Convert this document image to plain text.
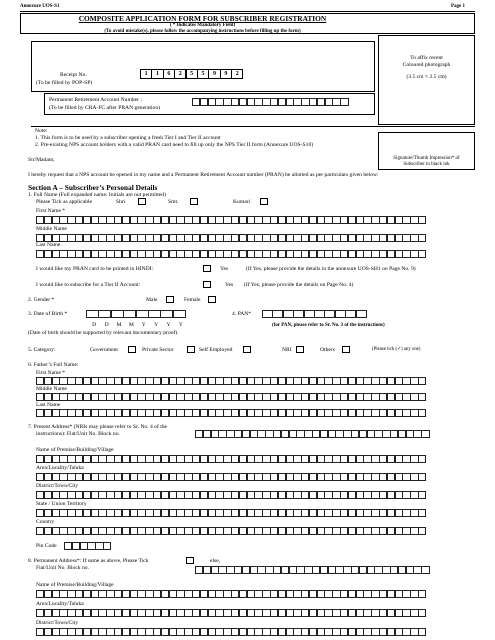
Annexure UOS-S1	Page 1
COMPOSITE APPLICATION FORM FOR SUBSCRIBER REGISTRATION
( * Indicates Mandatory Field)
(To avoid mistake(s), please follow the accompanying instructions before filling up the form)
To affix recent
Coloured photograph
(3.5 cm × 2.5 cm)
Receipt No.
(To be filled by POP-SP)
1	1	6	2	5	5	9	9	2
Permanent Retirement Account Number :
(To be filled by CRA-FC after PRAN generation)
Note:
1. This form is to be used by a subscriber opening a fresh Tier I and Tier II account
2. Pre-existing NPS account holders with a valid PRAN card need to fill up only the NPS Tier II form (Annexure UOS-S10)
Signature/Thumb Impression* of
Subscriber in black ink
Sir/Madam,
I hereby request that a NPS account be opened in my name and a Permanent Retirement Account number (PRAN) be allotted as per particulars given below:
Section A – Subscriber’s Personal Details
1. Full Name (Full expanded name: Initials are not permitted)
Please Tick as applicable	Shri	Smt.	Kumari
First Name *
Middle Name
Last Name
I would like my PRAN card to be printed in HINDI:	Yes	(If Yes, please provide the details in the annexure UOS-SH1 on Page No. 9)
I would like to subscribe for a Tier II Account:	Yes (If Yes, please provide the details on Page No. 4)
2. Gender *	Male	Female
3. Date of Birth *	4. PAN*
D	D	M	M	Y	Y	Y	Y	(for PAN, please refer to Sr. No. 3 of the instructions)
(Date of birth should be supported by relevant documentary proof).
5. Category:	Government	Private Sector	Self Employed	NRI	Others	(Please tick (✓) any one)
6. Father’s Full Name:
First Name *
Middle Name
Last Name
7. Present Address* (NRIs may please refer to Sr. No. 4 of the
instructions): Flat/Unit No. Block no.
Name of Premise/Building/Village
Area/Locality/Taluka
District/Town/City
State / Union Territory
Country
Pin Code
8. Permanent Address*: If same as above, Please Tick	else,
Flat/Unit No. Block no.
Name of Premise/Building/Village
Area/Locality/Taluka
District/Town/City
